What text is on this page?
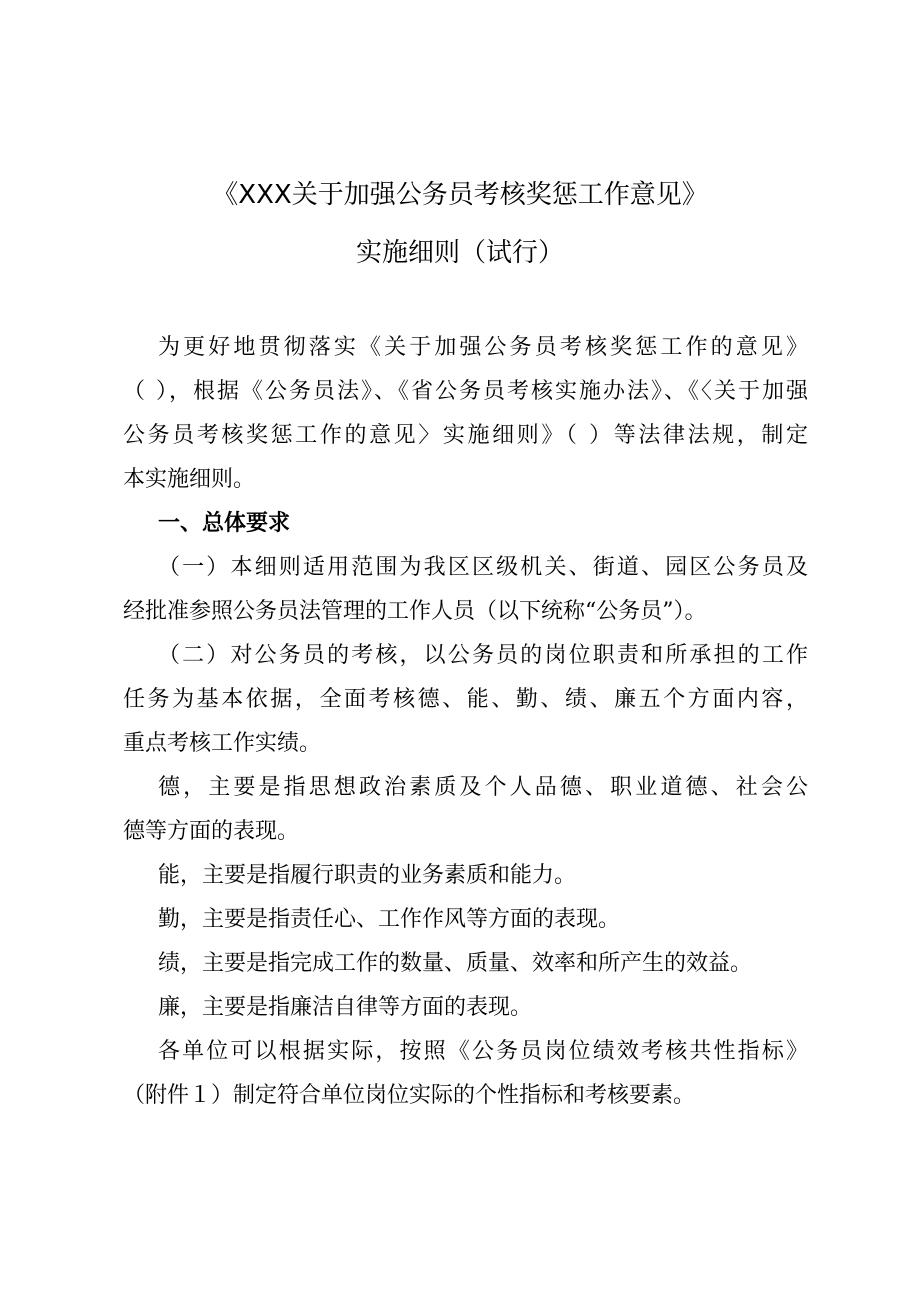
《XXX关于加强公务员考核奖惩工作意见》
实施细则（试行）
为更好地贯彻落实《关于加强公务员考核奖惩工作的意见》
（ ），根据《公务员法》、《省公务员考核实施办法》、《〈关于加强
公务员考核奖惩工作的意见〉实施细则》（ ）等法律法规，制定
本实施细则。
一、总体要求
（一）本细则适用范围为我区区级机关、街道、园区公务员及
经批准参照公务员法管理的工作人员（以下统称“公务员”）。
（二）对公务员的考核，以公务员的岗位职责和所承担的工作
任务为基本依据，全面考核德、能、勤、绩、廉五个方面内容，
重点考核工作实绩。
德，主要是指思想政治素质及个人品德、职业道德、社会公
德等方面的表现。
能，主要是指履行职责的业务素质和能力。
勤，主要是指责任心、工作作风等方面的表现。
绩，主要是指完成工作的数量、质量、效率和所产生的效益。
廉，主要是指廉洁自律等方面的表现。
各单位可以根据实际，按照《公务员岗位绩效考核共性指标》
（附件１）制定符合单位岗位实际的个性指标和考核要素。
